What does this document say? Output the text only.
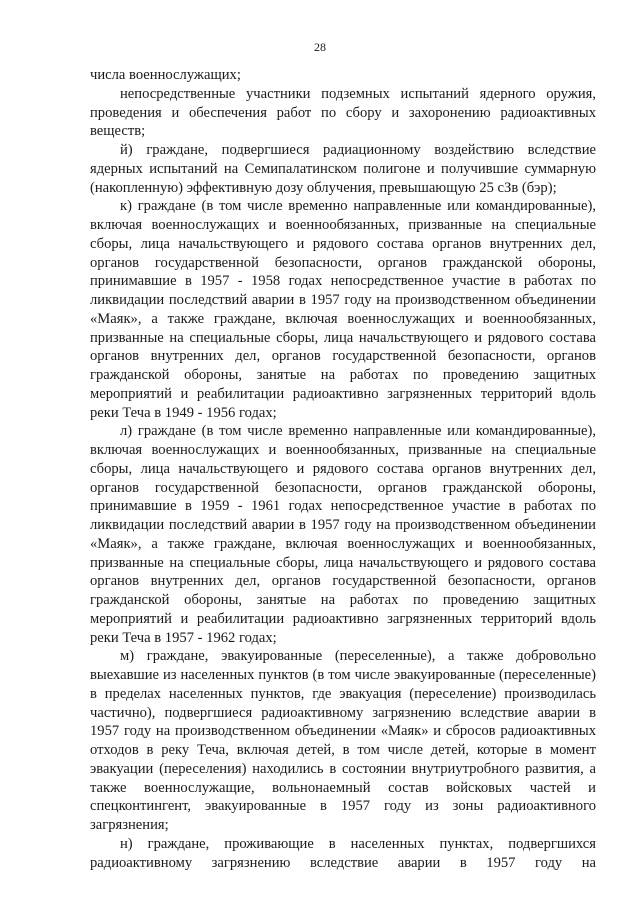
28

числа военнослужащих;

непосредственные участники подземных испытаний ядерного оружия, проведения и обеспечения работ по сбору и захоронению радиоактивных веществ;

й) граждане, подвергшиеся радиационному воздействию вследствие ядерных испытаний на Семипалатинском полигоне и получившие суммарную (накопленную) эффективную дозу облучения, превышающую 25 сЗв (бэр);

к) граждане (в том числе временно направленные или командированные), включая военнослужащих и военнообязанных, призванные на специальные сборы, лица начальствующего и рядового состава органов внутренних дел, органов государственной безопасности, органов гражданской обороны, принимавшие в 1957 - 1958 годах непосредственное участие в работах по ликвидации последствий аварии в 1957 году на производственном объединении «Маяк», а также граждане, включая военнослужащих и военнообязанных, призванные на специальные сборы, лица начальствующего и рядового состава органов внутренних дел, органов государственной безопасности, органов гражданской обороны, занятые на работах по проведению защитных мероприятий и реабилитации радиоактивно загрязненных территорий вдоль реки Теча в 1949 - 1956 годах;

л) граждане (в том числе временно направленные или командированные), включая военнослужащих и военнообязанных, призванные на специальные сборы, лица начальствующего и рядового состава органов внутренних дел, органов государственной безопасности, органов гражданской обороны, принимавшие в 1959 - 1961 годах непосредственное участие в работах по ликвидации последствий аварии в 1957 году на производственном объединении «Маяк», а также граждане, включая военнослужащих и военнообязанных, призванные на специальные сборы, лица начальствующего и рядового состава органов внутренних дел, органов государственной безопасности, органов гражданской обороны, занятые на работах по проведению защитных мероприятий и реабилитации радиоактивно загрязненных территорий вдоль реки Теча в 1957 - 1962 годах;

м) граждане, эвакуированные (переселенные), а также добровольно выехавшие из населенных пунктов (в том числе эвакуированные (переселенные) в пределах населенных пунктов, где эвакуация (переселение) производилась частично), подвергшиеся радиоактивному загрязнению вследствие аварии в 1957 году на производственном объединении «Маяк» и сбросов радиоактивных отходов в реку Теча, включая детей, в том числе детей, которые в момент эвакуации (переселения) находились в состоянии внутриутробного развития, а также военнослужащие, вольнонаемный состав войсковых частей и спецконтингент, эвакуированные в 1957 году из зоны радиоактивного загрязнения;

н) граждане, проживающие в населенных пунктах, подвергшихся радиоактивному загрязнению вследствие аварии в 1957 году на
